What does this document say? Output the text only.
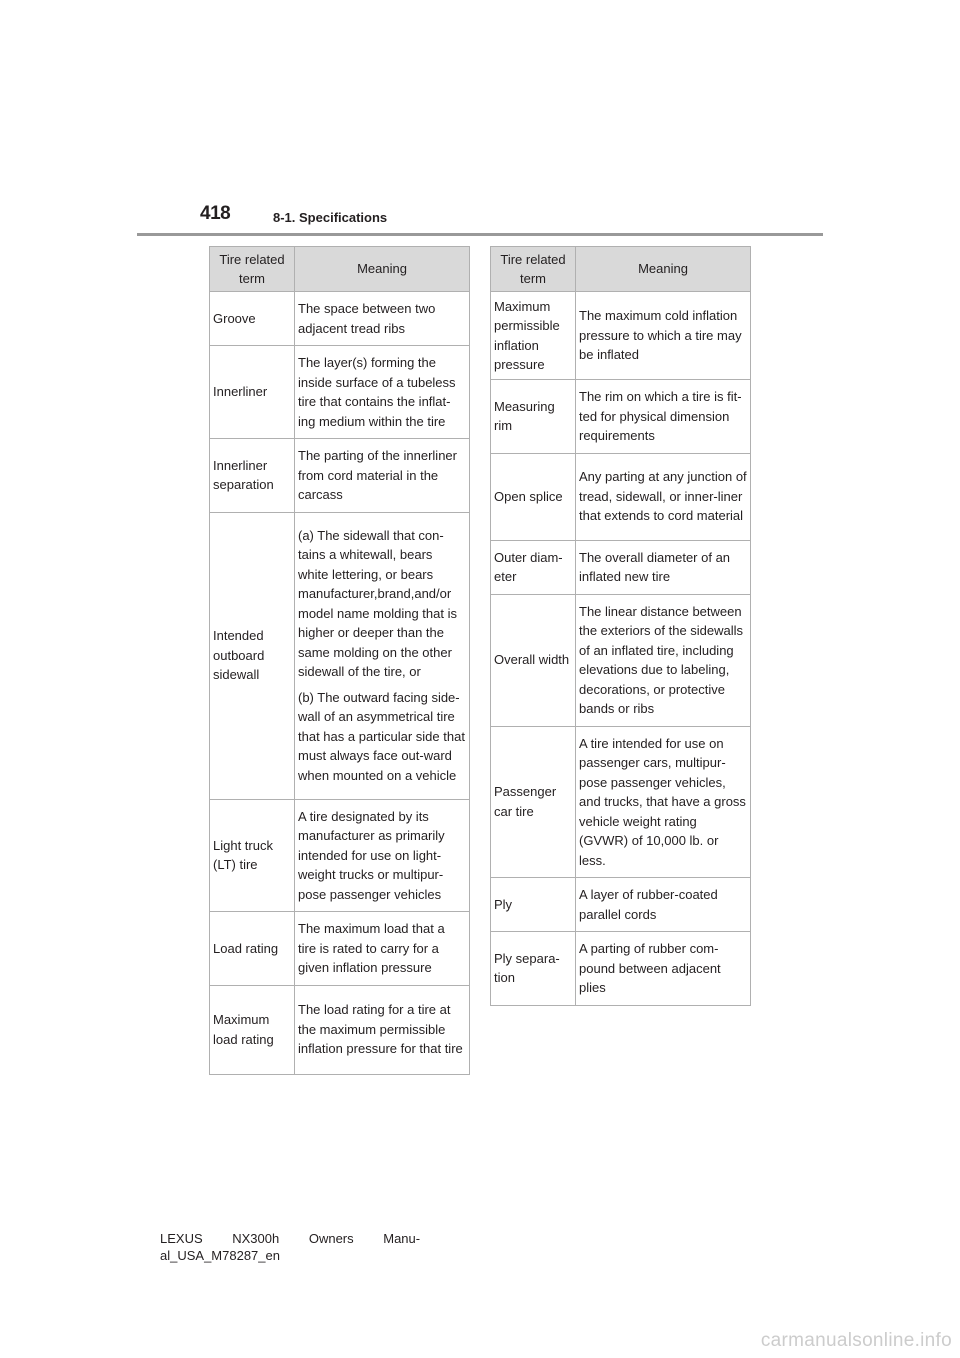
418	8-1. Specifications
Tire related term	Meaning
Groove	The space between two adjacent tread ribs

Innerliner	The layer(s) forming the inside surface of a tubeless tire that contains the inflat-ing medium within the tire

Innerliner separation	The parting of the innerliner from cord material in the carcass

Intended outboard sidewall	(a) The sidewall that con-tains a whitewall, bears white lettering, or bears manufacturer,brand,and/or model name molding that is higher or deeper than the same molding on the other sidewall of the tire, or

(b) The outward facing side-wall of an asymmetrical tire that has a particular side that must always face out-ward when mounted on a vehicle

Light truck (LT) tire	A tire designated by its manufacturer as primarily intended for use on light-weight trucks or multipur-pose passenger vehicles

Load rating	The maximum load that a tire is rated to carry for a given inflation pressure

Maximum load rating	The load rating for a tire at the maximum permissible inflation pressure for that tire

Tire related term	Meaning
Maximum permissible inflation pressure	The maximum cold inflation pressure to which a tire may be inflated

Measuring rim	The rim on which a tire is fit-ted for physical dimension requirements

Open splice	Any parting at any junction of tread, sidewall, or inner-liner that extends to cord material

Outer diam-eter	The overall diameter of an inflated new tire

Overall width	The linear distance between the exteriors of the sidewalls of an inflated tire, including elevations due to labeling, decorations, or protective bands or ribs

Passenger car tire	A tire intended for use on passenger cars, multipur-pose passenger vehicles, and trucks, that have a gross vehicle weight rating (GVWR) of 10,000 lb. or less.

Ply	A layer of rubber-coated parallel cords

Ply separa-tion	A parting of rubber com-pound between adjacent plies

LEXUS NX300h Owners Manu-
al_USA_M78287_en
carmanualsonline.info
